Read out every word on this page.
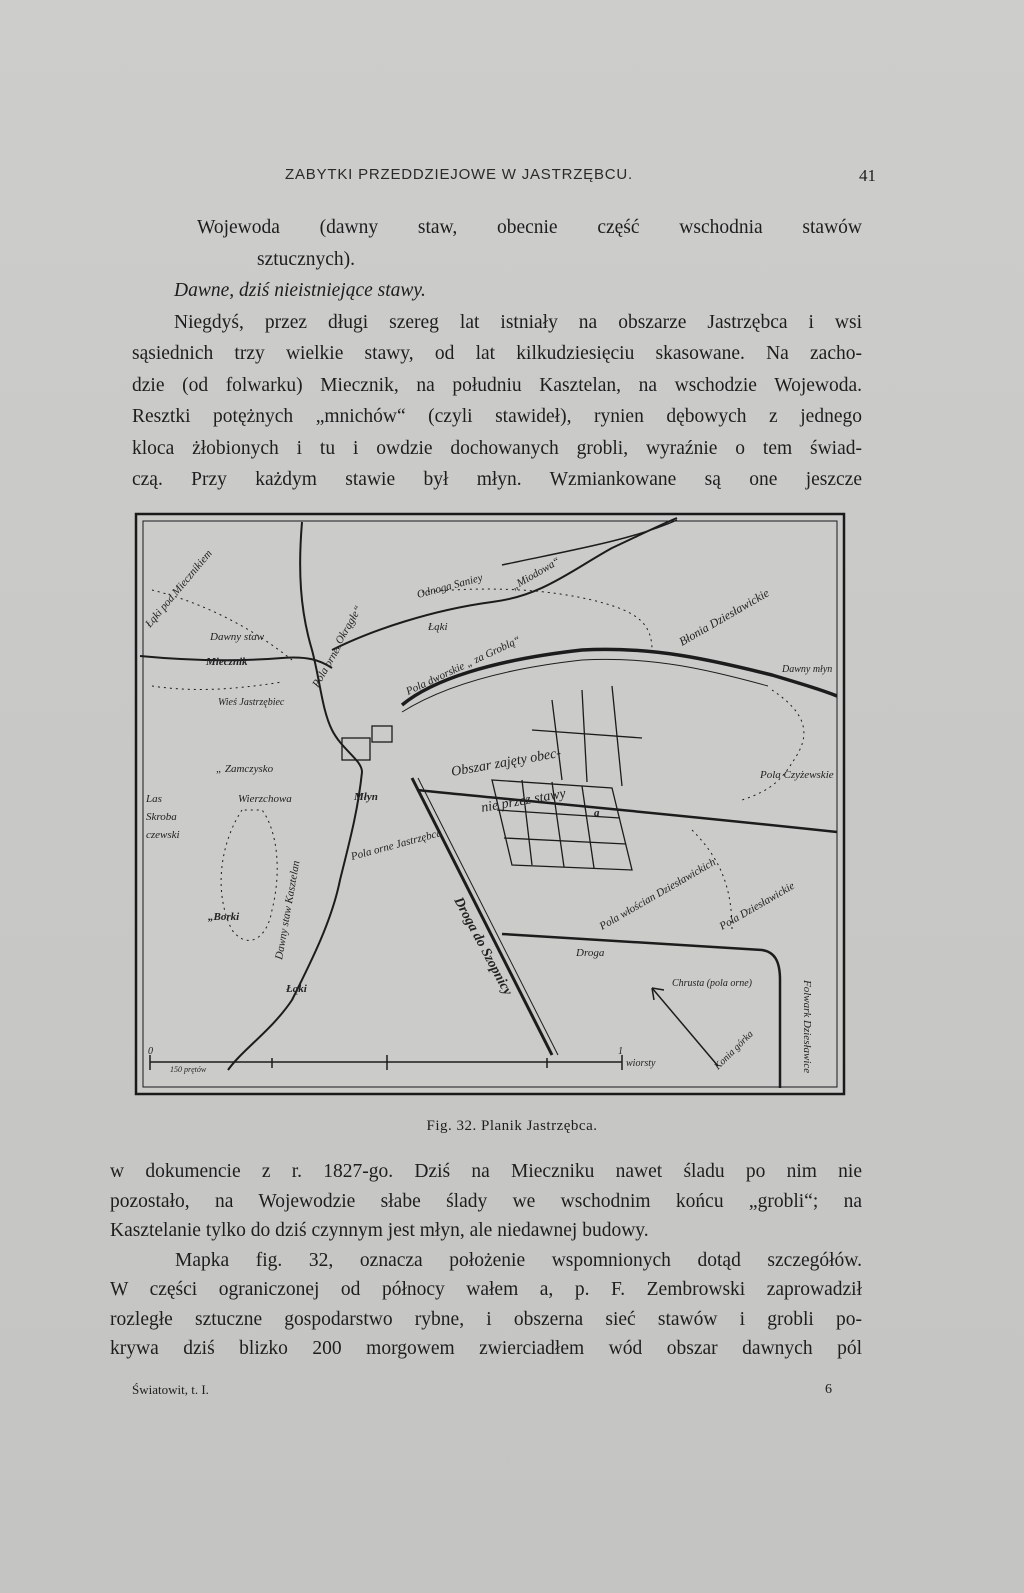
ZABYTKI PRZEDDZIEJOWE W JASTRZĘBCU.	41
Wojewoda (dawny staw, obecnie część wschodnia stawów
sztucznych).
Dawne, dziś nieistniejące stawy.
Niegdyś, przez długi szereg lat istniały na obszarze Jastrzębca i wsi
sąsiednich trzy wielkie stawy, od lat kilkudziesięciu skasowane. Na zacho-
dzie (od folwarku) Miecznik, na południu Kasztelan, na wschodzie Wojewoda.
Resztki potężnych „mnichów“ (czyli stawideł), rynien dębowych z jednego
kloca żłobionych i tu i owdzie dochowanych grobli, wyraźnie o tem świad-
czą. Przy każdym stawie był młyn. Wzmiankowane są one jeszcze
Łąki pod Miecznikiem
Dawny staw
Miecznik
Wieś Jastrzębiec
„ Zamczysko
Las
Skroba
czewski
Wierzchowa
„Borki	Dawny staw Kasztelan
Łąki
Pola orne
„Okrągłe“
Odnoga Saniey
Łąki
„Miodowa“
Pola dworskie „ za Groblą“
Błonia Dziesławickie
Dawny młyn
Obszar zajęty obec-
nie przez stawy
Pola Czyżewskie
Młyn
Pola orne Jastrzębca
Pola włościan Dziesławickich Pola Dziesławickie
Droga do Szopnicy	Droga
Chrusta (pola orne)	Folwark Dziesławice
Konia górka
a
0
150 prętów
1
wiorsty
Fig. 32. Planik Jastrzębca.
w dokumencie z r. 1827-go. Dziś na Mieczniku nawet śladu po nim nie
pozostało, na Wojewodzie słabe ślady we wschodnim końcu „grobli“; na
Kasztelanie tylko do dziś czynnym jest młyn, ale niedawnej budowy.
Mapka fig. 32, oznacza położenie wspomnionych dotąd szczegółów.
W części ograniczonej od północy wałem a, p. F. Zembrowski zaprowadził
rozległe sztuczne gospodarstwo rybne, i obszerna sieć stawów i grobli po-
krywa dziś blizko 200 morgowem zwierciadłem wód obszar dawnych pól
Światowit, t. I.	6
